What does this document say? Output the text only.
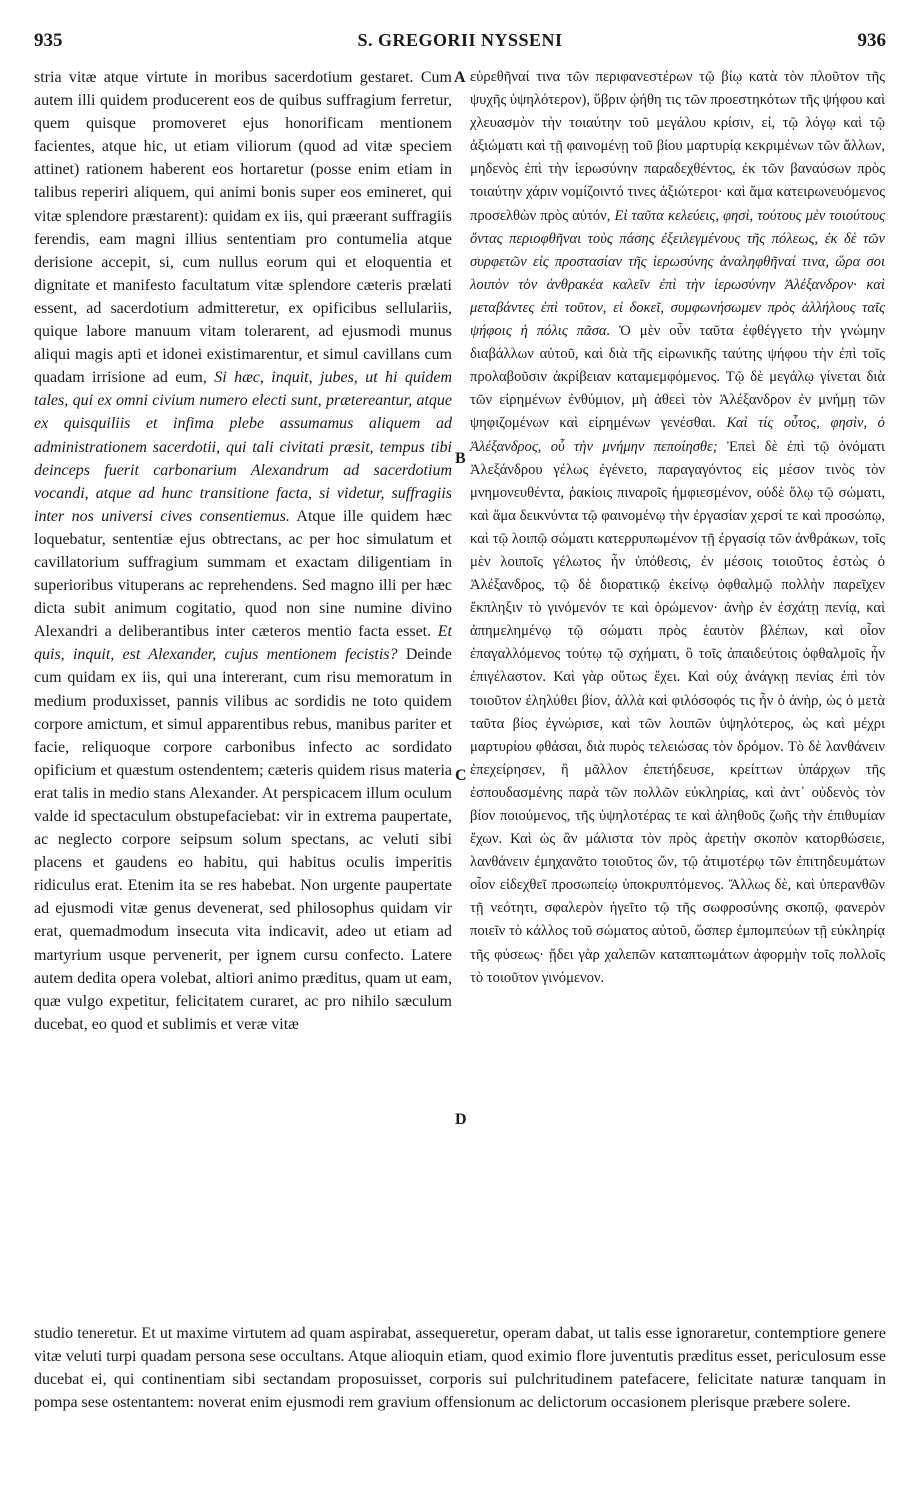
935	S. GREGORII NYSSENI	936

stria vitæ atque virtute in moribus sacerdotium gestaret. Cum autem illi quidem producerent eos de quibus suffragium ferretur, quem quisque promoveret ejus honorificam mentionem facientes, atque hic, ut etiam viliorum (quod ad vitæ speciem attinet) rationem haberent eos hortaretur (posse enim etiam in talibus reperiri aliquem, qui animi bonis super eos emineret, qui vitæ splendore præstarent): quidam ex iis, qui præerant suffragiis ferendis, eam magni illius sententiam pro contumelia atque derisione accepit, si, cum nullus eorum qui et eloquentia et dignitate et manifesto facultatum vitæ splendore cæteris prælati essent, ad sacerdotium admitteretur, ex opificibus sellulariis, quique labore manuum vitam tolerarent, ad ejusmodi munus aliqui magis apti et idonei existimarentur, et simul cavillans cum quadam irrisione ad eum, Si hæc, inquit, jubes, ut hi quidem tales, qui ex omni civium numero electi sunt, prætereantur, atque ex quisquiliis et infima plebe assumamus aliquem ad administrationem sacerdotii, qui tali civitati præsit, tempus tibi deinceps fuerit carbonarium Alexandrum ad sacerdotium vocandi, atque ad hunc transitione facta, si videtur, suffragiis inter nos universi cives consentiemus. Atque ille quidem hæc loquebatur, sententiæ ejus obtrectans, ac per hoc simulatum et cavillatorium suffragium summam et exactam diligentiam in superioribus vituperans ac reprehendens. Sed magno illi per hæc dicta subit animum cogitatio, quod non sine numine divino Alexandri a deliberantibus inter cæteros mentio facta esset. Et quis, inquit, est Alexander, cujus mentionem fecistis? Deinde cum quidam ex iis, qui una intererant, cum risu memoratum in medium produxisset, pannis vilibus ac sordidis ne toto quidem corpore amictum, et simul apparentibus rebus, manibus pariter et facie, reliquoque corpore carbonibus infecto ac sordidato opificium et quæstum ostendentem; cæteris quidem risus materia erat talis in medio stans Alexander. At perspicacem illum oculum valde id spectaculum obstupefaciebat: vir in extrema paupertate, ac neglecto corpore seipsum solum spectans, ac veluti sibi placens et gaudens eo habitu, qui habitus oculis imperitis ridiculus erat. Etenim ita se res habebat. Non urgente paupertate ad ejusmodi vitæ genus devenerat, sed philosophus quidam vir erat, quemadmodum insecuta vita indicavit, adeo ut etiam ad martyrium usque pervenerit, per ignem cursu confecto. Latere autem dedita opera volebat, altiori animo præditus, quam ut eam, quæ vulgo expetitur, felicitatem curaret, ac pro nihilo sæculum ducebat, eo quod et sublimis et veræ vitæ

A
B
C
D

εὑρεθῆναί τινα τῶν περιφανεστέρων τῷ βίῳ κατὰ τὸν πλοῦτον τῆς ψυχῆς ὑψηλότερον), ὕβριν ᾠήθη τις τῶν προεστηκότων τῆς ψήφου καὶ χλευασμὸν τὴν τοιαύτην τοῦ μεγάλου κρίσιν, εἰ, τῷ λόγῳ καὶ τῷ ἀξιώματι καὶ τῇ φαινομένῃ τοῦ βίου μαρτυρίᾳ κεκριμένων τῶν ἄλλων, μηδενὸς ἐπὶ τὴν ἱερωσύνην παραδεχθέντος, ἐκ τῶν βαναύσων πρὸς τοιαύτην χάριν νομίζοιντό τινες ἀξιώτεροι· καὶ ἅμα κατειρωνευόμενος προσελθὼν πρὸς αὐτόν, Εἰ ταῦτα κελεύεις, φησὶ, τούτους μὲν τοιούτους ὄντας περιοφθῆναι τοὺς πάσης ἐξειλεγμένους τῆς πόλεως, ἐκ δὲ τῶν συρφετῶν εἰς προστασίαν τῆς ἱερωσύνης ἀναληφθῆναί τινα, ὥρα σοι λοιπὸν τὸν ἀνθρακέα καλεῖν ἐπὶ τὴν ἱερωσύνην Ἀλέξανδρον· καὶ μεταβάντες ἐπὶ τοῦτον, εἰ δοκεῖ, συμφωνήσωμεν πρὸς ἀλλήλους ταῖς ψήφοις ἡ πόλις πᾶσα. Ὁ μὲν οὖν ταῦτα ἐφθέγγετο τὴν γνώμην διαβάλλων αὐτοῦ, καὶ διὰ τῆς εἰρωνικῆς ταύτης ψήφου τὴν ἐπὶ τοῖς προλαβοῦσιν ἀκρίβειαν καταμεμφόμενος. Τῷ δὲ μεγάλῳ γίνεται διὰ τῶν εἰρημένων ἐνθύμιον, μὴ ἀθεεὶ τὸν Ἀλέξανδρον ἐν μνήμῃ τῶν ψηφιζομένων καὶ εἰρημένων γενέσθαι. Καὶ τίς οὗτος, φησὶν, ὁ Ἀλέξανδρος, οὗ τὴν μνήμην πεποίησθε; Ἐπεὶ δὲ ἐπὶ τῷ ὀνόματι Ἀλεξάνδρου γέλως ἐγένετο, παραγαγόντος εἰς μέσον τινὸς τὸν μνημονευθέντα, ῥακίοις πιναροῖς ἠμφιεσμένον, οὐδὲ ὅλῳ τῷ σώματι, καὶ ἅμα δεικνύντα τῷ φαινομένῳ τὴν ἐργασίαν χερσί τε καὶ προσώπῳ, καὶ τῷ λοιπῷ σώματι κατερρυπωμένον τῇ ἐργασίᾳ τῶν ἀνθράκων, τοῖς μὲν λοιποῖς γέλωτος ἦν ὑπόθεσις, ἐν μέσοις τοιοῦτος ἑστὼς ὁ Ἀλέξανδρος, τῷ δὲ διορατικῷ ἐκείνῳ ὀφθαλμῷ πολλὴν παρεῖχεν ἔκπληξιν τὸ γινόμενόν τε καὶ ὁρώμενον· ἀνὴρ ἐν ἐσχάτῃ πενίᾳ, καὶ ἀπημελημένῳ τῷ σώματι πρὸς ἑαυτὸν βλέπων, καὶ οἷον ἐπαγαλλόμενος τούτῳ τῷ σχήματι, ὃ τοῖς ἀπαιδεύτοις ὀφθαλμοῖς ἦν ἐπιγέλαστον. Καὶ γὰρ οὕτως ἔχει. Καὶ οὐχ ἀνάγκῃ πενίας ἐπὶ τὸν τοιοῦτον ἐληλύθει βίον, ἀλλὰ καὶ φιλόσοφός τις ἦν ὁ ἀνὴρ, ὡς ὁ μετὰ ταῦτα βίος ἐγνώρισε, καὶ τῶν λοιπῶν ὑψηλότερος, ὡς καὶ μέχρι μαρτυρίου φθάσαι, διὰ πυρὸς τελειώσας τὸν δρόμον. Τὸ δὲ λανθάνειν ἐπεχείρησεν, ἢ μᾶλλον ἐπετήδευσε, κρείττων ὑπάρχων τῆς ἐσπουδασμένης παρὰ τῶν πολλῶν εὐκληρίας, καὶ ἀντ᾽ οὐδενὸς τὸν βίον ποιούμενος, τῆς ὑψηλοτέρας τε καὶ ἀληθοῦς ζωῆς τὴν ἐπιθυμίαν ἔχων. Καὶ ὡς ἂν μάλιστα τὸν πρὸς ἀρετὴν σκοπὸν κατορθώσειε, λανθάνειν ἐμηχανᾶτο τοιοῦτος ὤν, τῷ ἀτιμοτέρῳ τῶν ἐπιτηδευμάτων οἷον εἰδεχθεῖ προσωπείῳ ὑποκρυπτόμενος. Ἄλλως δὲ, καὶ ὑπερανθῶν τῇ νεότητι, σφαλερὸν ἡγεῖτο τῷ τῆς σωφροσύνης σκοπῷ, φανερὸν ποιεῖν τὸ κάλλος τοῦ σώματος αὐτοῦ, ὥσπερ ἐμπομπεύων τῇ εὐκληρίᾳ τῆς φύσεως· ᾔδει γὰρ χαλεπῶν καταπτωμάτων ἀφορμὴν τοῖς πολλοῖς τὸ τοιοῦτον γινόμενον.

studio teneretur. Et ut maxime virtutem ad quam aspirabat, assequeretur, operam dabat, ut talis esse ignoraretur, contemptiore genere vitæ veluti turpi quadam persona sese occultans. Atque alioquin etiam, quod eximio flore juventutis præditus esset, periculosum esse ducebat ei, qui continentiam sibi sectandam proposuisset, corporis sui pulchritudinem patefacere, felicitate naturæ tanquam in pompa sese ostentantem: noverat enim ejusmodi rem gravium offensionum ac delictorum occasionem plerisque præbere solere.
